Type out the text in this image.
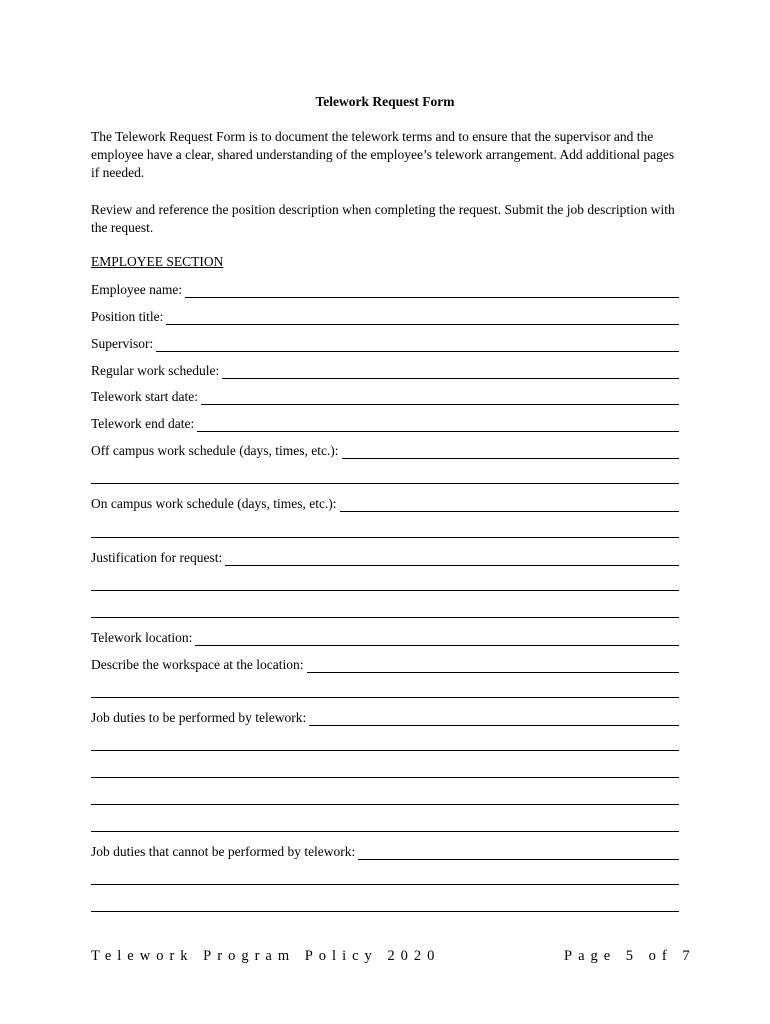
Telework Request Form
The Telework Request Form is to document the telework terms and to ensure that the supervisor and the employee have a clear, shared understanding of the employee’s telework arrangement. Add additional pages if needed.
Review and reference the position description when completing the request. Submit the job description with the request.
EMPLOYEE SECTION
Employee name:
Position title:
Supervisor:
Regular work schedule:
Telework start date:
Telework end date:
Off campus work schedule (days, times, etc.):
On campus work schedule (days, times, etc.):
Justification for request:
Telework location:
Describe the workspace at the location:
Job duties to be performed by telework:
Job duties that cannot be performed by telework:
Telework Program Policy 2020	Page 5 of 7
